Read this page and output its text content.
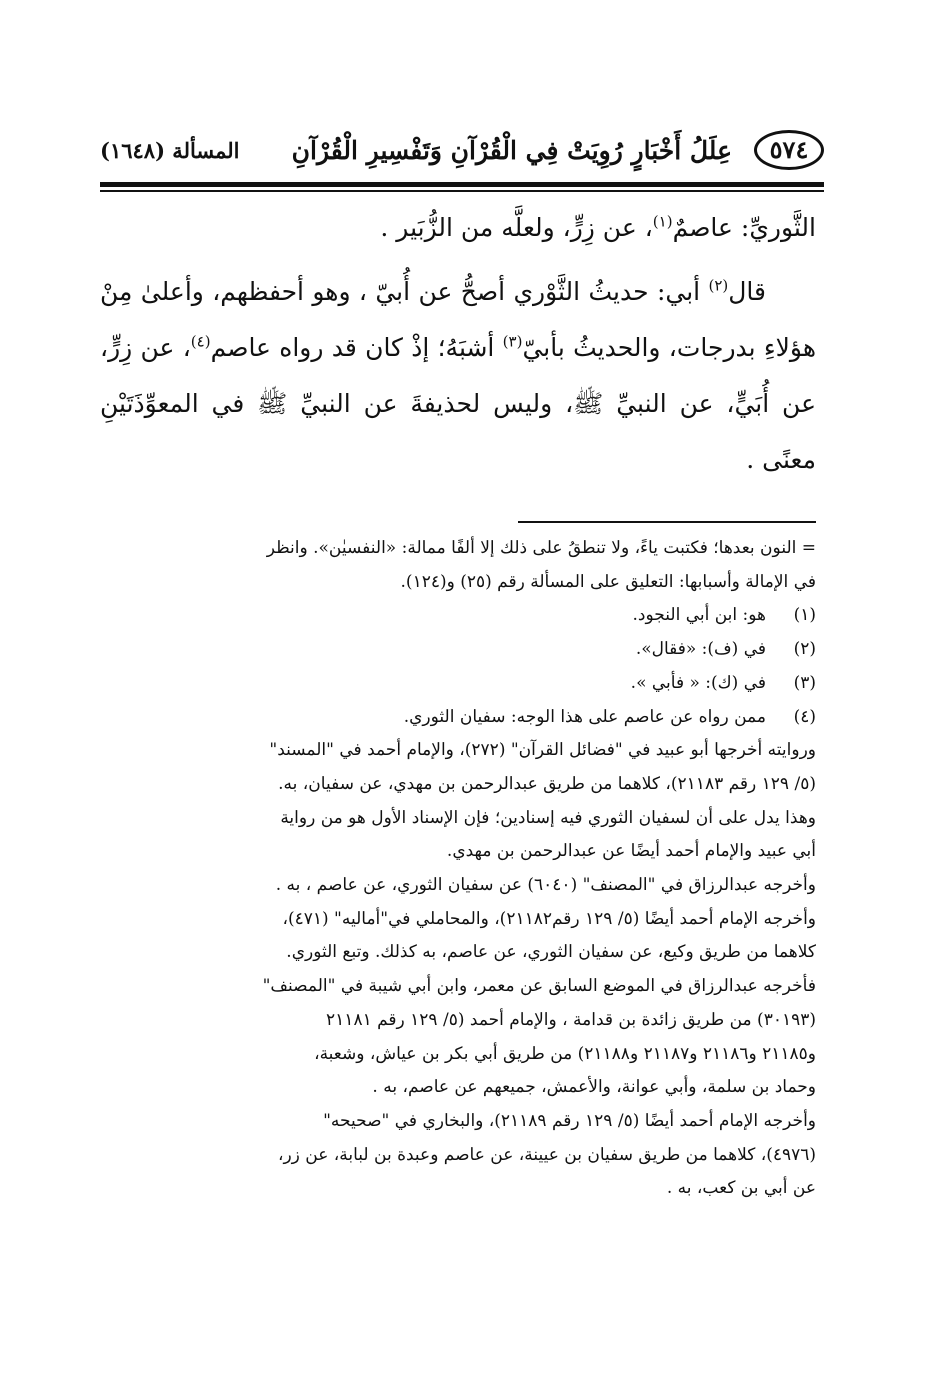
٥٧٤
عِلَلُ أَخْبَارٍ رُوِيَتْ فِي الْقُرْآنِ وَتَفْسِيرِ الْقُرْآنِ
المسألة (١٦٤٨)

الثَّوريِّ: عاصمٌ$^{(١)}$، عن زِرٍّ، ولعلَّه من الزُّبَير .

قال$^{(٢)}$ أبي: حديثُ الثَّوْري أصحُّ عن أُبيّ ، وهو أحفظهم، وأعلىٰ مِنْ هؤلاءِ بدرجات، والحديثُ بأبيّ$^{(٣)}$ أشبَهُ؛ إذْ كان قد رواه عاصم$^{(٤)}$، عن زِرٍّ، عن أُبَيٍّ، عن النبيِّ ﷺ، وليس لحذيفةَ عن النبيِّ ﷺ في المعوِّذَتَيْنِ معنًى .

= النون بعدها؛ فكتبت ياءً، ولا تنطقُ على ذلك إلا ألفًا ممالة: «النفسيٰن». وانظر

في الإمالة وأسبابها: التعليق على المسألة رقم (٢٥) و(١٢٤).

(١)
هو: ابن أبي النجود.
(٢)
في (ف): «فقال».
(٣)
في (ك): « فأبي ».
(٤)
ممن رواه عن عاصم على هذا الوجه: سفيان الثوري.

وروايته أخرجها أبو عبيد في "فضائل القرآن" (٢٧٢)، والإمام أحمد في "المسند"

(٥/ ١٢٩ رقم ٢١١٨٣)، كلاهما من طريق عبدالرحمن بن مهدي، عن سفيان، به.

وهذا يدل على أن لسفيان الثوري فيه إسنادين؛ فإن الإسناد الأول هو من رواية

أبي عبيد والإمام أحمد أيضًا عن عبدالرحمن بن مهدي.

وأخرجه عبدالرزاق في "المصنف" (٦٠٤٠) عن سفيان الثوري، عن عاصم ، به .

وأخرجه الإمام أحمد أيضًا (٥/ ١٢٩ رقم٢١١٨٢)، والمحاملي في"أماليه" (٤٧١)،

كلاهما من طريق وكيع، عن سفيان الثوري، عن عاصم، به كذلك. وتبع الثوري.

فأخرجه عبدالرزاق في الموضع السابق عن معمر، وابن أبي شيبة في "المصنف"

(٣٠١٩٣) من طريق زائدة بن قدامة ، والإمام أحمد (٥/ ١٢٩ رقم ٢١١٨١

و٢١١٨٥ و٢١١٨٦ و٢١١٨٧ و٢١١٨٨) من طريق أبي بكر بن عياش، وشعبة،

وحماد بن سلمة، وأبي عوانة، والأعمش، جميعهم عن عاصم، به .

وأخرجه الإمام أحمد أيضًا (٥/ ١٢٩ رقم ٢١١٨٩)، والبخاري في "صحيحه"

(٤٩٧٦)، كلاهما من طريق سفيان بن عيينة، عن عاصم وعبدة بن لبابة، عن زر،

عن أبي بن كعب، به .
